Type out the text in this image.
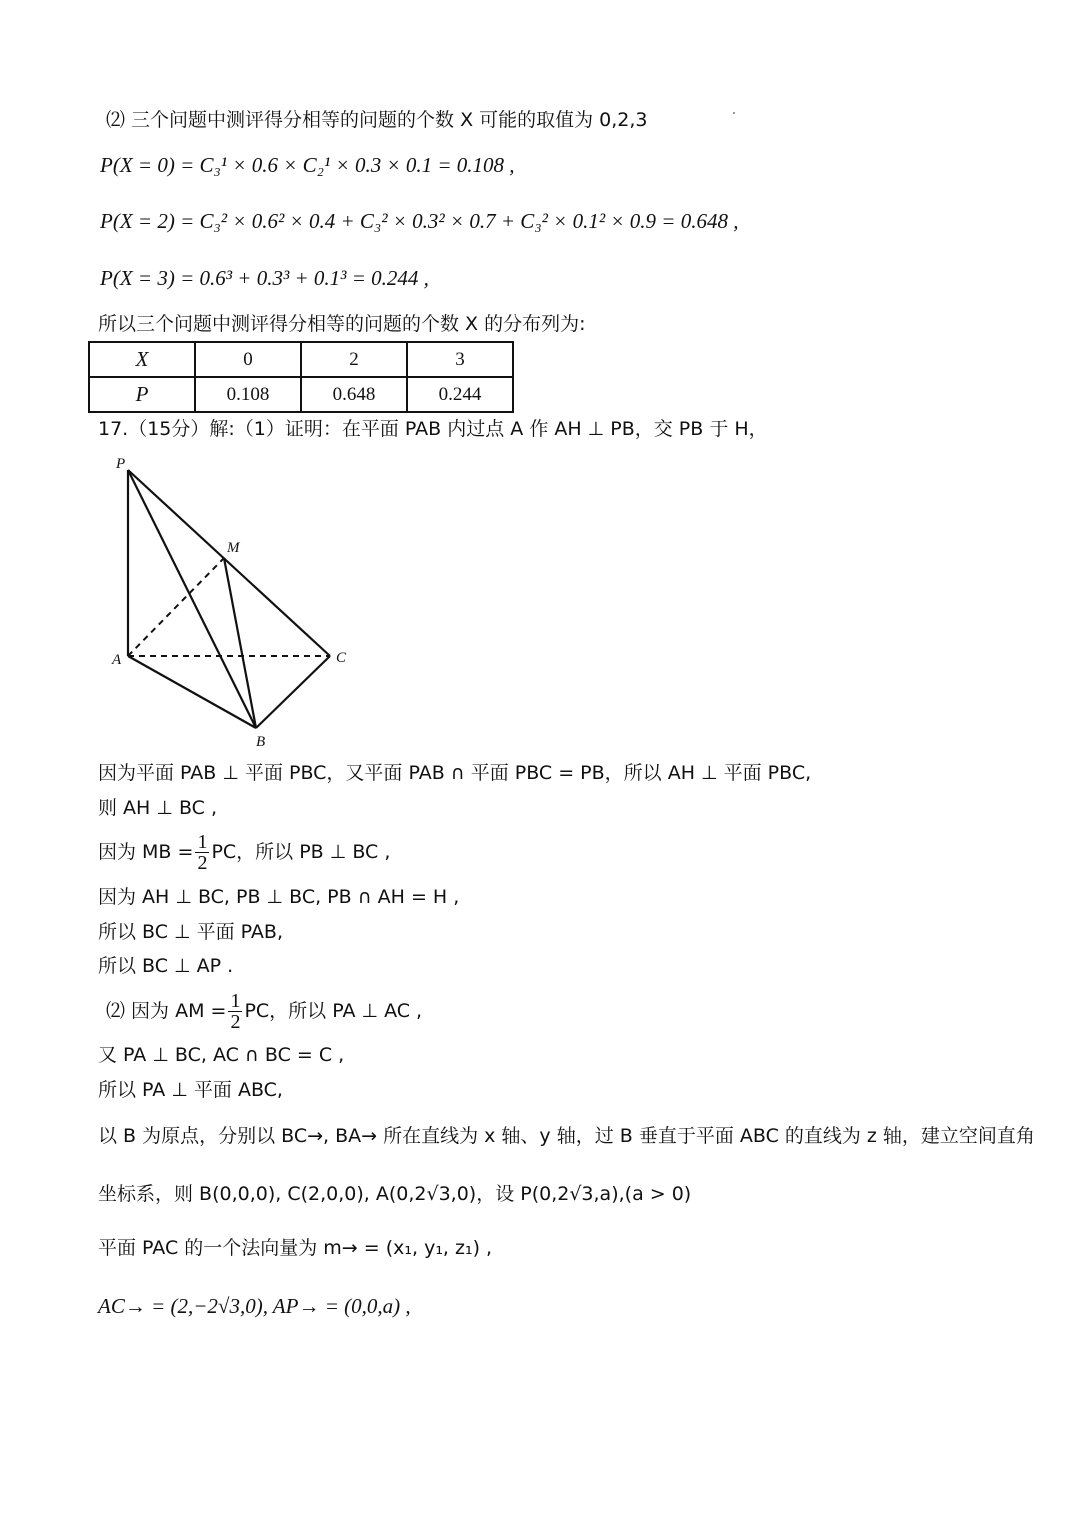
⑵ 三个问题中测评得分相等的问题的个数 X 可能的取值为 0,2,3
P(X = 0) = C₃¹ × 0.6 × C₂¹ × 0.3 × 0.1 = 0.108 ,
P(X = 2) = C₃² × 0.6² × 0.4 + C₃² × 0.3² × 0.7 + C₃² × 0.1² × 0.9 = 0.648 ,
P(X = 3) = 0.6³ + 0.3³ + 0.1³ = 0.244 ,
所以三个问题中测评得分相等的问题的个数 X 的分布列为:
X	0	2	3
P	0.108	0.648	0.244
17.（15分）解:（1）证明：在平面 PAB 内过点 A 作 AH ⊥ PB，交 PB 于 H，
P
M
A	C
B
因为平面 PAB ⊥ 平面 PBC，又平面 PAB ∩ 平面 PBC = PB，所以 AH ⊥ 平面 PBC,
则 AH ⊥ BC ,
因为 MB = $\frac{1}{2}$ PC，所以 PB ⊥ BC ,
因为 AH ⊥ BC, PB ⊥ BC, PB ∩ AH = H ,
所以 BC ⊥ 平面 PAB,
所以 BC ⊥ AP .
⑵ 因为 AM = $\frac{1}{2}$ PC，所以 PA ⊥ AC ,
又 PA ⊥ BC, AC ∩ BC = C ,
所以 PA ⊥ 平面 ABC,
以 B 为原点，分别以 BC→, BA→ 所在直线为 x 轴、y 轴，过 B 垂直于平面 ABC 的直线为 z 轴，建立空间直角
坐标系，则 B(0,0,0), C(2,0,0), A(0,2√3,0)，设 P(0,2√3,a),(a > 0)
平面 PAC 的一个法向量为 m→ = (x₁, y₁, z₁) ,
AC→ = (2,−2√3,0), AP→ = (0,0,a) ,
